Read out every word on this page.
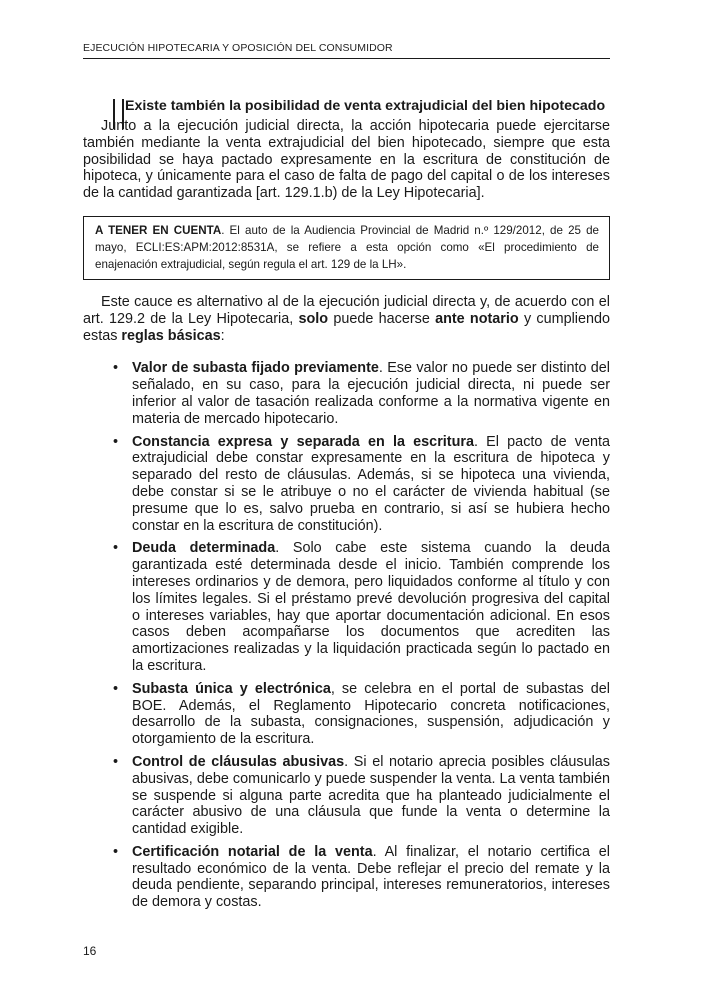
EJECUCIÓN HIPOTECARIA Y OPOSICIÓN DEL CONSUMIDOR
Existe también la posibilidad de venta extrajudicial del bien hipotecado

Junto a la ejecución judicial directa, la acción hipotecaria puede ejercitarse también mediante la venta extrajudicial del bien hipotecado, siempre que esta posibilidad se haya pactado expresamente en la escritura de constitución de hipoteca, y únicamente para el caso de falta de pago del capital o de los intereses de la cantidad garantizada [art. 129.1.b) de la Ley Hipotecaria].

A TENER EN CUENTA. El auto de la Audiencia Provincial de Madrid n.º 129/2012, de 25 de mayo, ECLI:ES:APM:2012:8531A, se refiere a esta opción como «El procedimiento de enajenación extrajudicial, según regula el art. 129 de la LH».

Este cauce es alternativo al de la ejecución judicial directa y, de acuerdo con el art. 129.2 de la Ley Hipotecaria, solo puede hacerse ante notario y cumpliendo estas reglas básicas:

• Valor de subasta fijado previamente. Ese valor no puede ser distinto del señalado, en su caso, para la ejecución judicial directa, ni puede ser inferior al valor de tasación realizada conforme a la normativa vigente en materia de mercado hipotecario.
• Constancia expresa y separada en la escritura. El pacto de venta extrajudicial debe constar expresamente en la escritura de hipoteca y separado del resto de cláusulas. Además, si se hipoteca una vivienda, debe constar si se le atribuye o no el carácter de vivienda habitual (se presume que lo es, salvo prueba en contrario, si así se hubiera hecho constar en la escritura de constitución).
• Deuda determinada. Solo cabe este sistema cuando la deuda garantizada esté determinada desde el inicio. También comprende los intereses ordinarios y de demora, pero liquidados conforme al título y con los límites legales. Si el préstamo prevé devolución progresiva del capital o intereses variables, hay que aportar documentación adicional. En esos casos deben acompañarse los documentos que acrediten las amortizaciones realizadas y la liquidación practicada según lo pactado en la escritura.
• Subasta única y electrónica, se celebra en el portal de subastas del BOE. Además, el Reglamento Hipotecario concreta notificaciones, desarrollo de la subasta, consignaciones, suspensión, adjudicación y otorgamiento de la escritura.
• Control de cláusulas abusivas. Si el notario aprecia posibles cláusulas abusivas, debe comunicarlo y puede suspender la venta. La venta también se suspende si alguna parte acredita que ha planteado judicialmente el carácter abusivo de una cláusula que funde la venta o determine la cantidad exigible.
• Certificación notarial de la venta. Al finalizar, el notario certifica el resultado económico de la venta. Debe reflejar el precio del remate y la deuda pendiente, separando principal, intereses remuneratorios, intereses de demora y costas.
16
